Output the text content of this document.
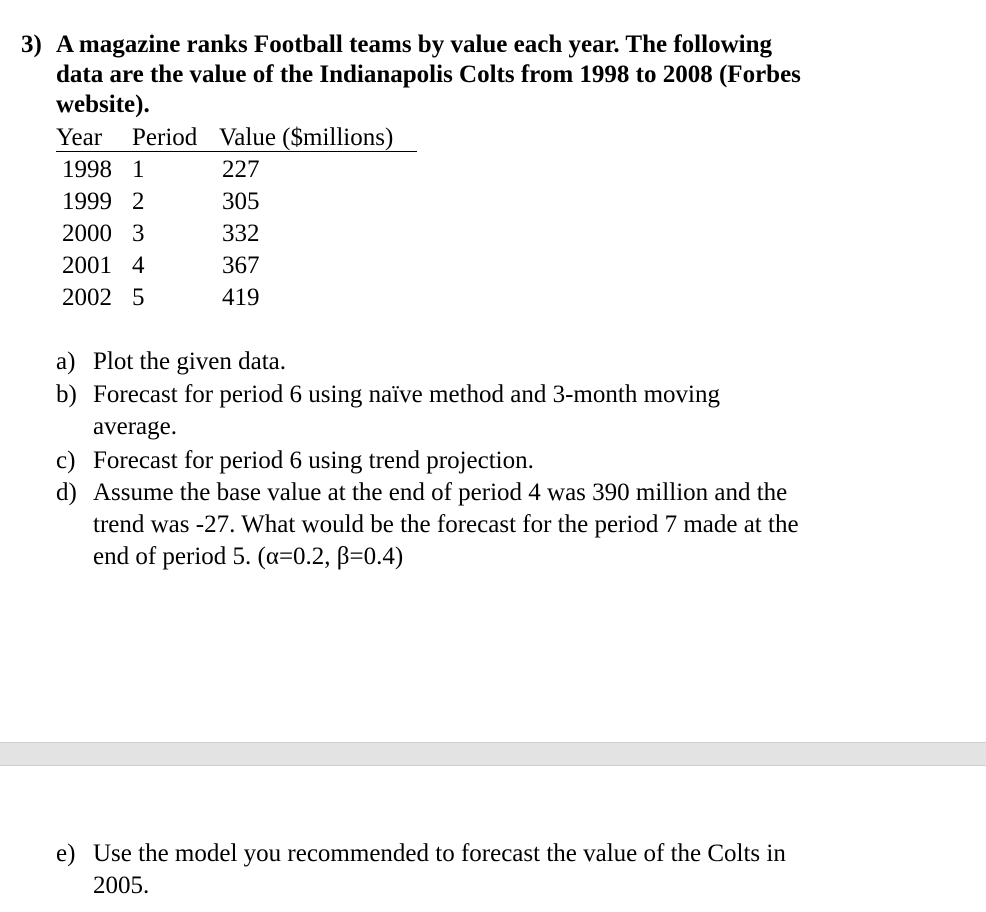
3) A magazine ranks Football teams by value each year. The following
data are the value of the Indianapolis Colts from 1998 to 2008 (Forbes
website).
Year Period Value ($millions)
1998 1	227
1999 2	305
2000 3	332
2001 4	367
2002 5	419
a) Plot the given data.
b) Forecast for period 6 using naïve method and 3-month moving
average.
c) Forecast for period 6 using trend projection.
d) Assume the base value at the end of period 4 was 390 million and the
trend was -27. What would be the forecast for the period 7 made at the
end of period 5. (α=0.2, β=0.4)
e) Use the model you recommended to forecast the value of the Colts in
2005.
